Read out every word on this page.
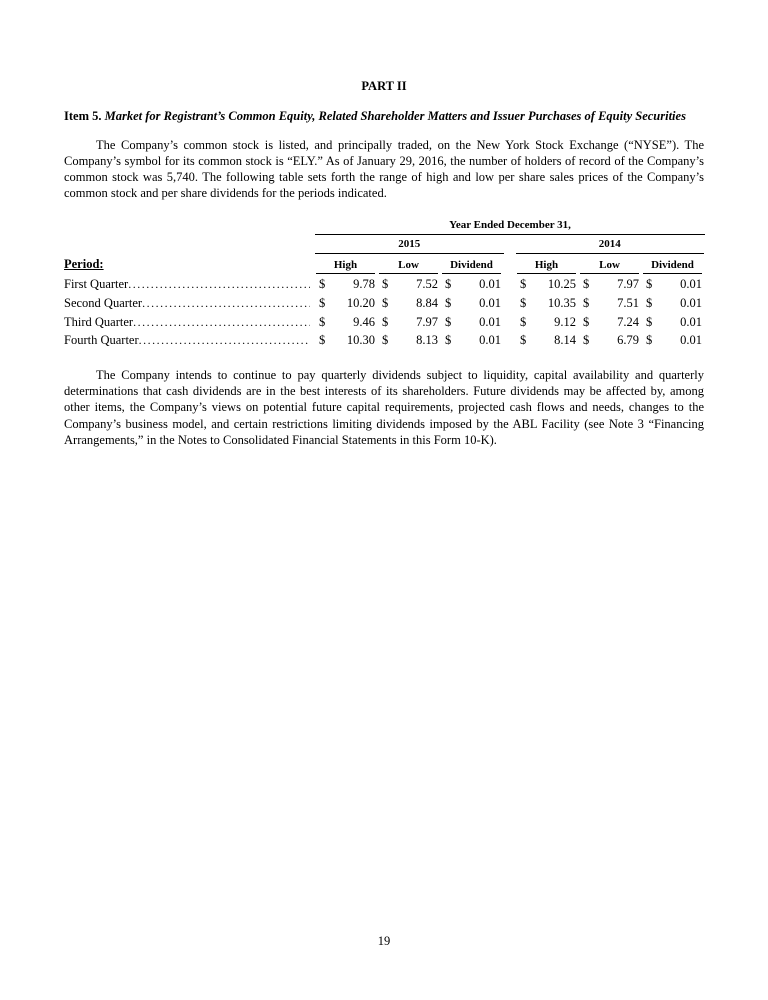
PART II
Item 5. Market for Registrant’s Common Equity, Related Shareholder Matters and Issuer Purchases of Equity Securities
The Company’s common stock is listed, and principally traded, on the New York Stock Exchange (“NYSE”). The Company’s symbol for its common stock is “ELY.” As of January 29, 2016, the number of holders of record of the Company’s common stock was 5,740. The following table sets forth the range of high and low per share sales prices of the Company’s common stock and per share dividends for the periods indicated.
Year Ended December 31,
2015	2014
Period:	High	Low	Dividend	High	Low	Dividend
First Quarter .....	$ 9.78 $ 7.52 $ 0.01 $ 10.25 $ 7.97 $ 0.01
Second Quarter .....	$ 10.20 $ 8.84 $ 0.01 $ 10.35 $ 7.51 $ 0.01
Third Quarter .....	$ 9.46 $ 7.97 $ 0.01 $ 9.12 $ 7.24 $ 0.01
Fourth Quarter .....	$ 10.30 $ 8.13 $ 0.01 $ 8.14 $ 6.79 $ 0.01
The Company intends to continue to pay quarterly dividends subject to liquidity, capital availability and quarterly determinations that cash dividends are in the best interests of its shareholders. Future dividends may be affected by, among other items, the Company’s views on potential future capital requirements, projected cash flows and needs, changes to the Company’s business model, and certain restrictions limiting dividends imposed by the ABL Facility (see Note 3 “Financing Arrangements,” in the Notes to Consolidated Financial Statements in this Form 10-K).
19
